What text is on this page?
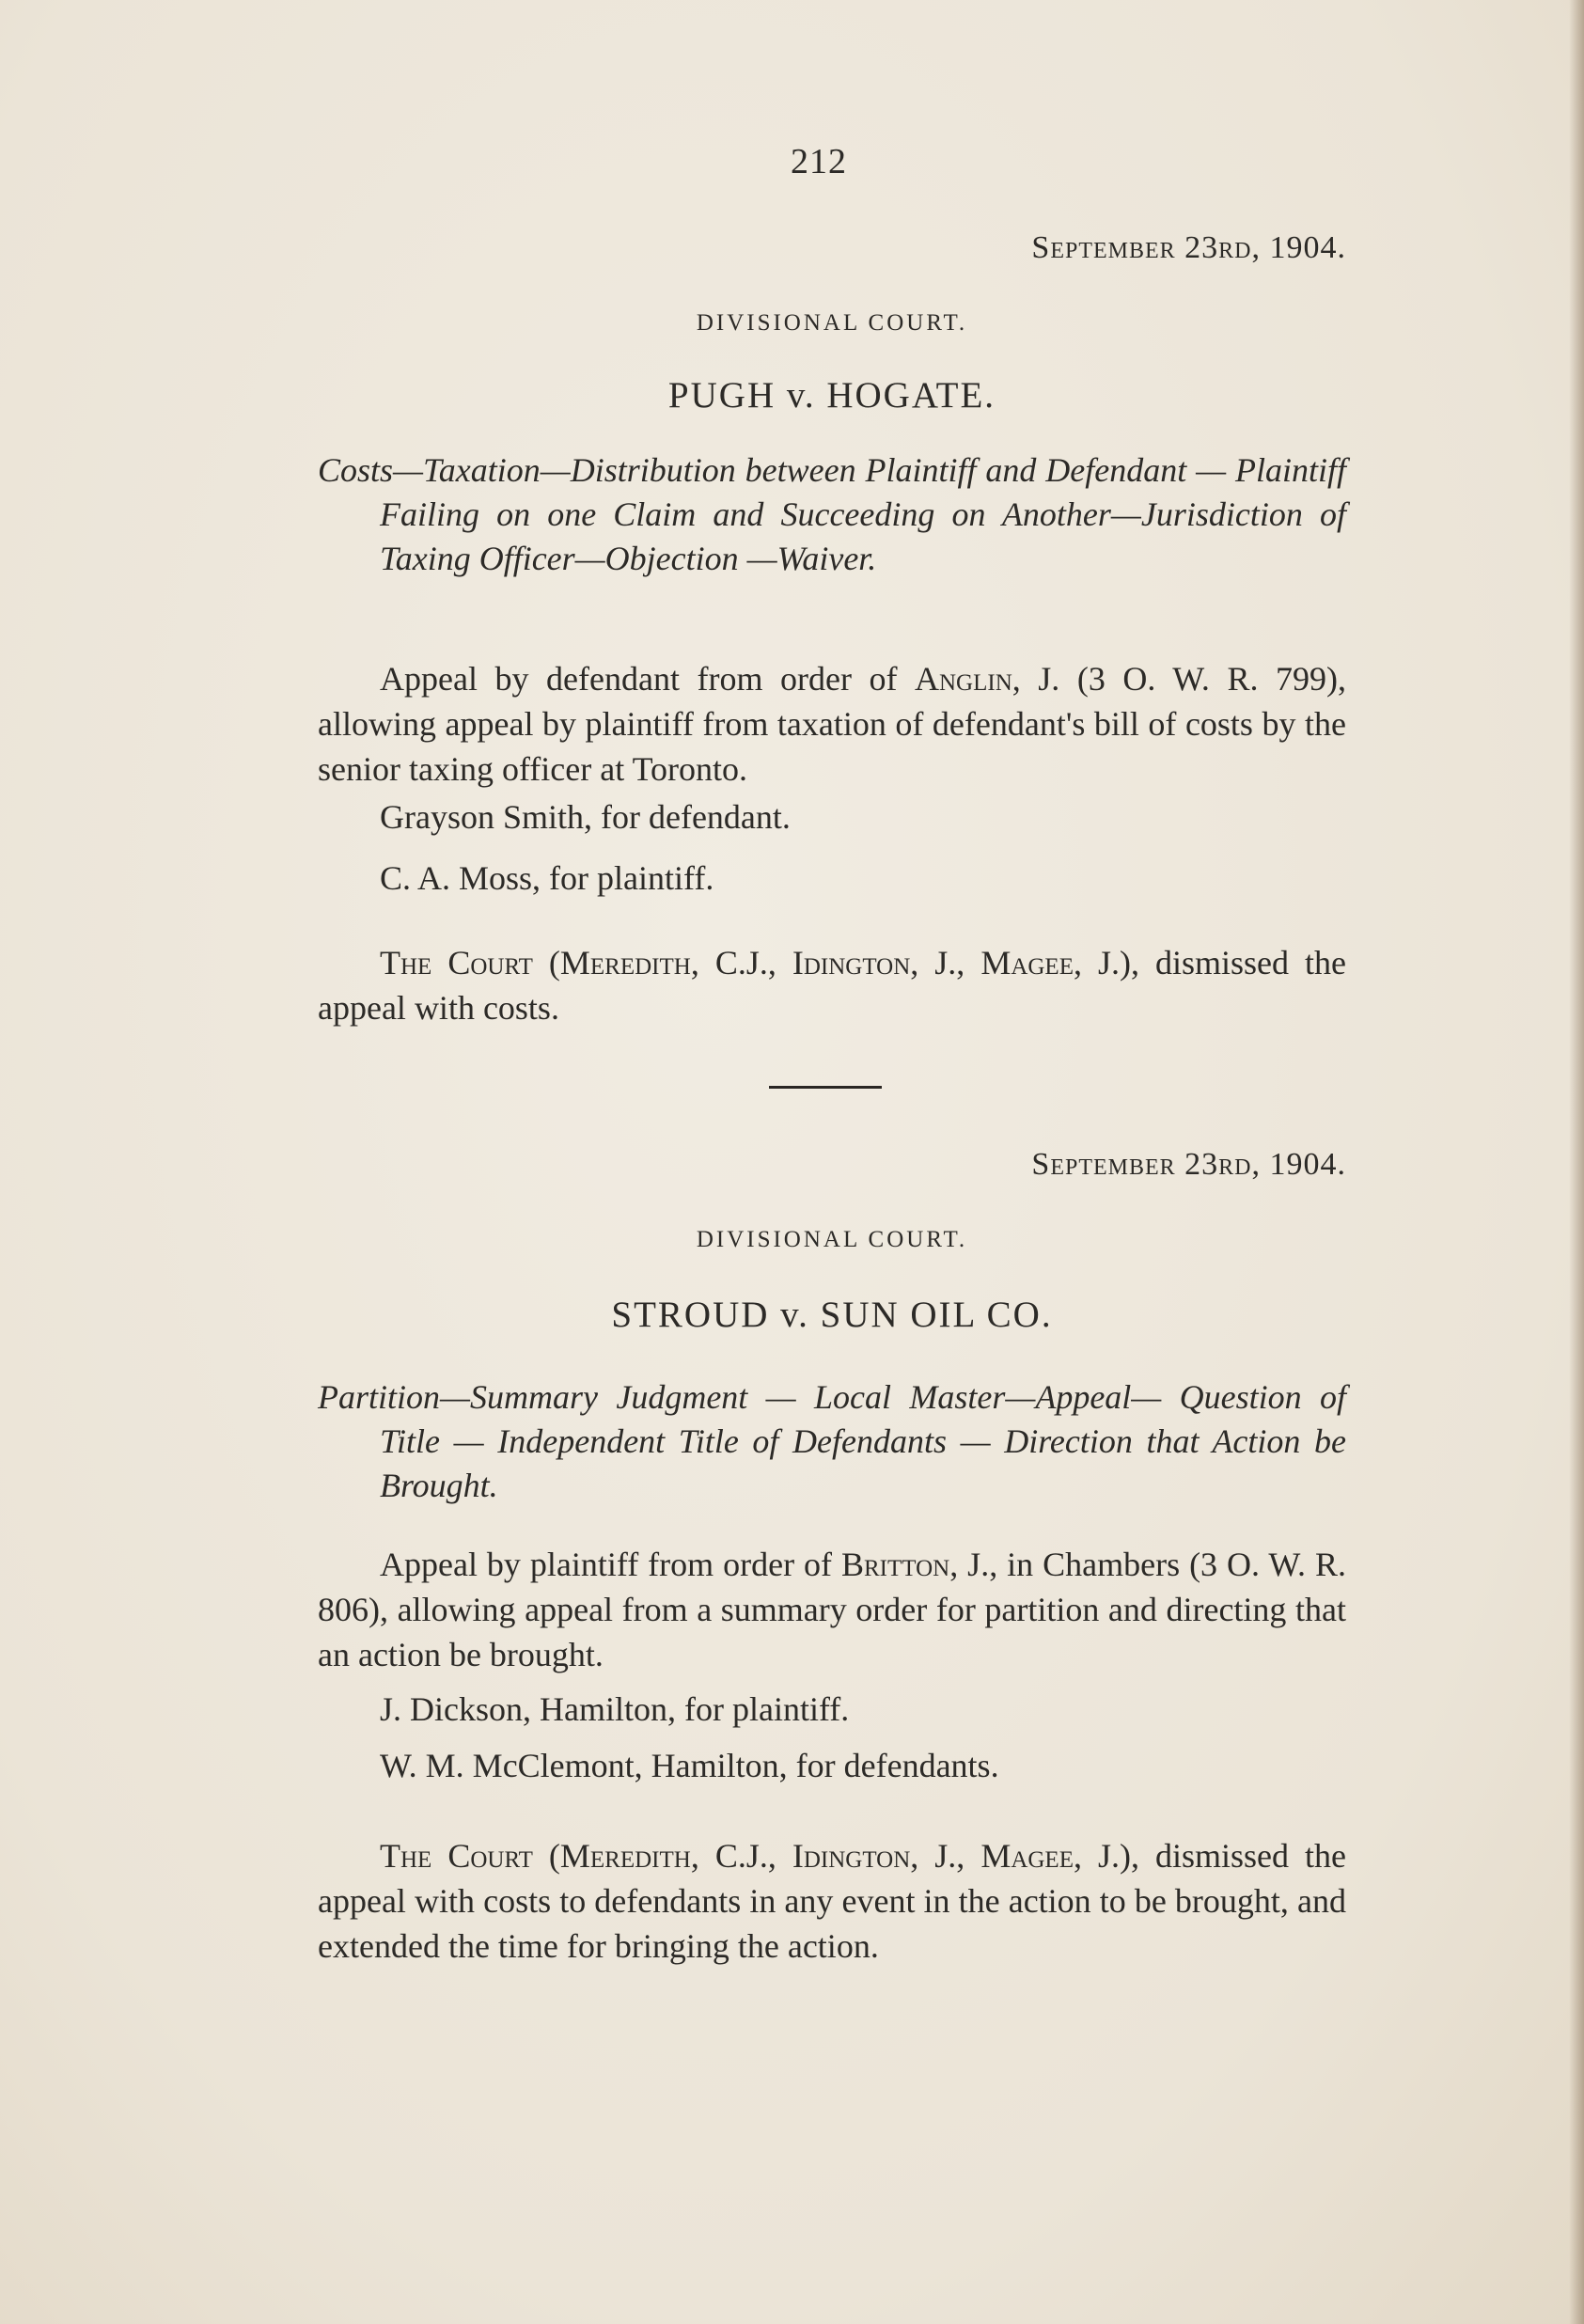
212
September 23rd, 1904.
DIVISIONAL COURT.
PUGH v. HOGATE.
Costs—Taxation—Distribution between Plaintiff and Defendant — Plaintiff Failing on one Claim and Succeeding on Another—Jurisdiction of Taxing Officer—Objection —Waiver.
Appeal by defendant from order of Anglin, J. (3 O. W. R. 799), allowing appeal by plaintiff from taxation of defendant's bill of costs by the senior taxing officer at Toronto.
Grayson Smith, for defendant.
C. A. Moss, for plaintiff.
The Court (Meredith, C.J., Idington, J., Magee, J.), dismissed the appeal with costs.
September 23rd, 1904.
DIVISIONAL COURT.
STROUD v. SUN OIL CO.
Partition—Summary Judgment — Local Master—Appeal— Question of Title — Independent Title of Defendants — Direction that Action be Brought.
Appeal by plaintiff from order of Britton, J., in Chambers (3 O. W. R. 806), allowing appeal from a summary order for partition and directing that an action be brought.
J. Dickson, Hamilton, for plaintiff.
W. M. McClemont, Hamilton, for defendants.
The Court (Meredith, C.J., Idington, J., Magee, J.), dismissed the appeal with costs to defendants in any event in the action to be brought, and extended the time for bringing the action.
